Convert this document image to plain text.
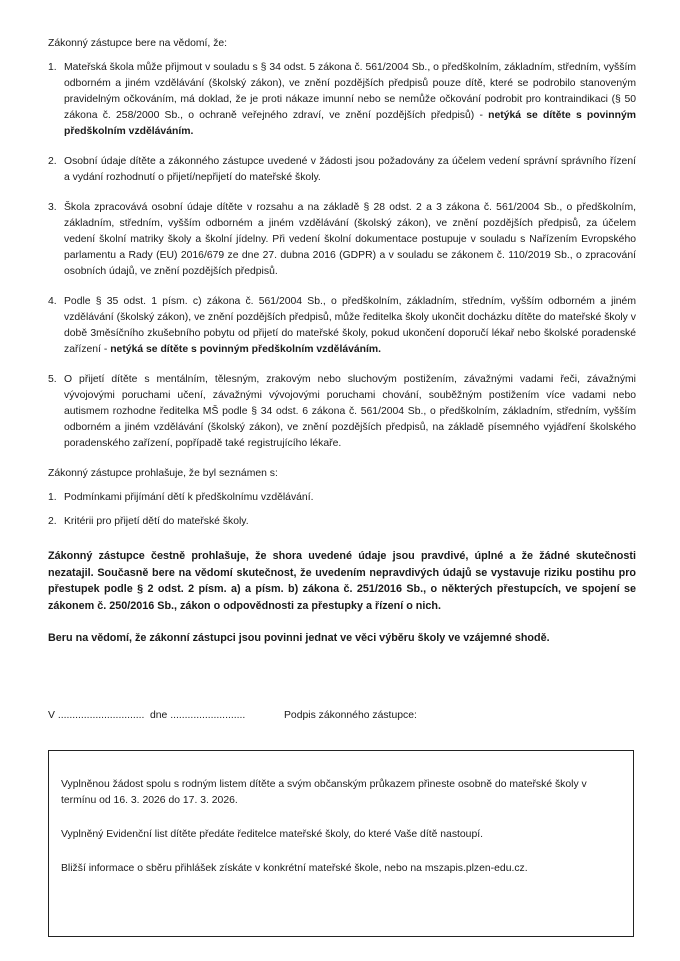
Zákonný zástupce bere na vědomí, že:

1. Mateřská škola může přijmout v souladu s § 34 odst. 5 zákona č. 561/2004 Sb., o předškolním, základním, středním, vyšším odborném a jiném vzdělávání (školský zákon), ve znění pozdějších předpisů pouze dítě, které se podrobilo stanoveným pravidelným očkováním, má doklad, že je proti nákaze imunní nebo se nemůže očkování podrobit pro kontraindikaci (§ 50 zákona č. 258/2000 Sb., o ochraně veřejného zdraví, ve znění pozdějších předpisů) - netýká se dítěte s povinným předškolním vzděláváním.
2. Osobní údaje dítěte a zákonného zástupce uvedené v žádosti jsou požadovány za účelem vedení správní správního řízení a vydání rozhodnutí o přijetí/nepřijetí do mateřské školy.
3. Škola zpracovává osobní údaje dítěte v rozsahu a na základě § 28 odst. 2 a 3 zákona č. 561/2004 Sb., o předškolním, základním, středním, vyšším odborném a jiném vzdělávání (školský zákon), ve znění pozdějších předpisů, za účelem vedení školní matriky školy a školní jídelny. Při vedení školní dokumentace postupuje v souladu s Nařízením Evropského parlamentu a Rady (EU) 2016/679 ze dne 27. dubna 2016 (GDPR) a v souladu se zákonem č. 110/2019 Sb., o zpracování osobních údajů, ve znění pozdějších předpisů.
4. Podle § 35 odst. 1 písm. c) zákona č. 561/2004 Sb., o předškolním, základním, středním, vyšším odborném a jiném vzdělávání (školský zákon), ve znění pozdějších předpisů, může ředitelka školy ukončit docházku dítěte do mateřské školy v době 3měsíčního zkušebního pobytu od přijetí do mateřské školy, pokud ukončení doporučí lékař nebo školské poradenské zařízení - netýká se dítěte s povinným předškolním vzděláváním.
5. O přijetí dítěte s mentálním, tělesným, zrakovým nebo sluchovým postižením, závažnými vadami řeči, závažnými vývojovými poruchami učení, závažnými vývojovými poruchami chování, souběžným postižením více vadami nebo autismem rozhodne ředitelka MŠ podle § 34 odst. 6 zákona č. 561/2004 Sb., o předškolním, základním, středním, vyšším odborném a jiném vzdělávání (školský zákon), ve znění pozdějších předpisů, na základě písemného vyjádření školského poradenského zařízení, popřípadě také registrujícího lékaře.

Zákonný zástupce prohlašuje, že byl seznámen s:

1. Podmínkami přijímání dětí k předškolnímu vzdělávání.
2. Kritérii pro přijetí dětí do mateřské školy.

Zákonný zástupce čestně prohlašuje, že shora uvedené údaje jsou pravdivé, úplné a že žádné skutečnosti nezatajil. Současně bere na vědomí skutečnost, že uvedením nepravdivých údajů se vystavuje riziku postihu pro přestupek podle § 2 odst. 2 písm. a) a písm. b) zákona č. 251/2016 Sb., o některých přestupcích, ve spojení se zákonem č. 250/2016 Sb., zákon o odpovědnosti za přestupky a řízení o nich.

Beru na vědomí, že zákonní zástupci jsou povinni jednat ve věci výběru školy ve vzájemné shodě.

V .............................. dne ..........................	Podpis zákonného zástupce:

Vyplněnou žádost spolu s rodným listem dítěte a svým občanským průkazem přineste osobně do mateřské školy v termínu od 16. 3. 2026 do 17. 3. 2026.

Vyplněný Evidenční list dítěte předáte ředitelce mateřské školy, do které Vaše dítě nastoupí.

Bližší informace o sběru přihlášek získáte v konkrétní mateřské škole, nebo na mszapis.plzen-edu.cz.
